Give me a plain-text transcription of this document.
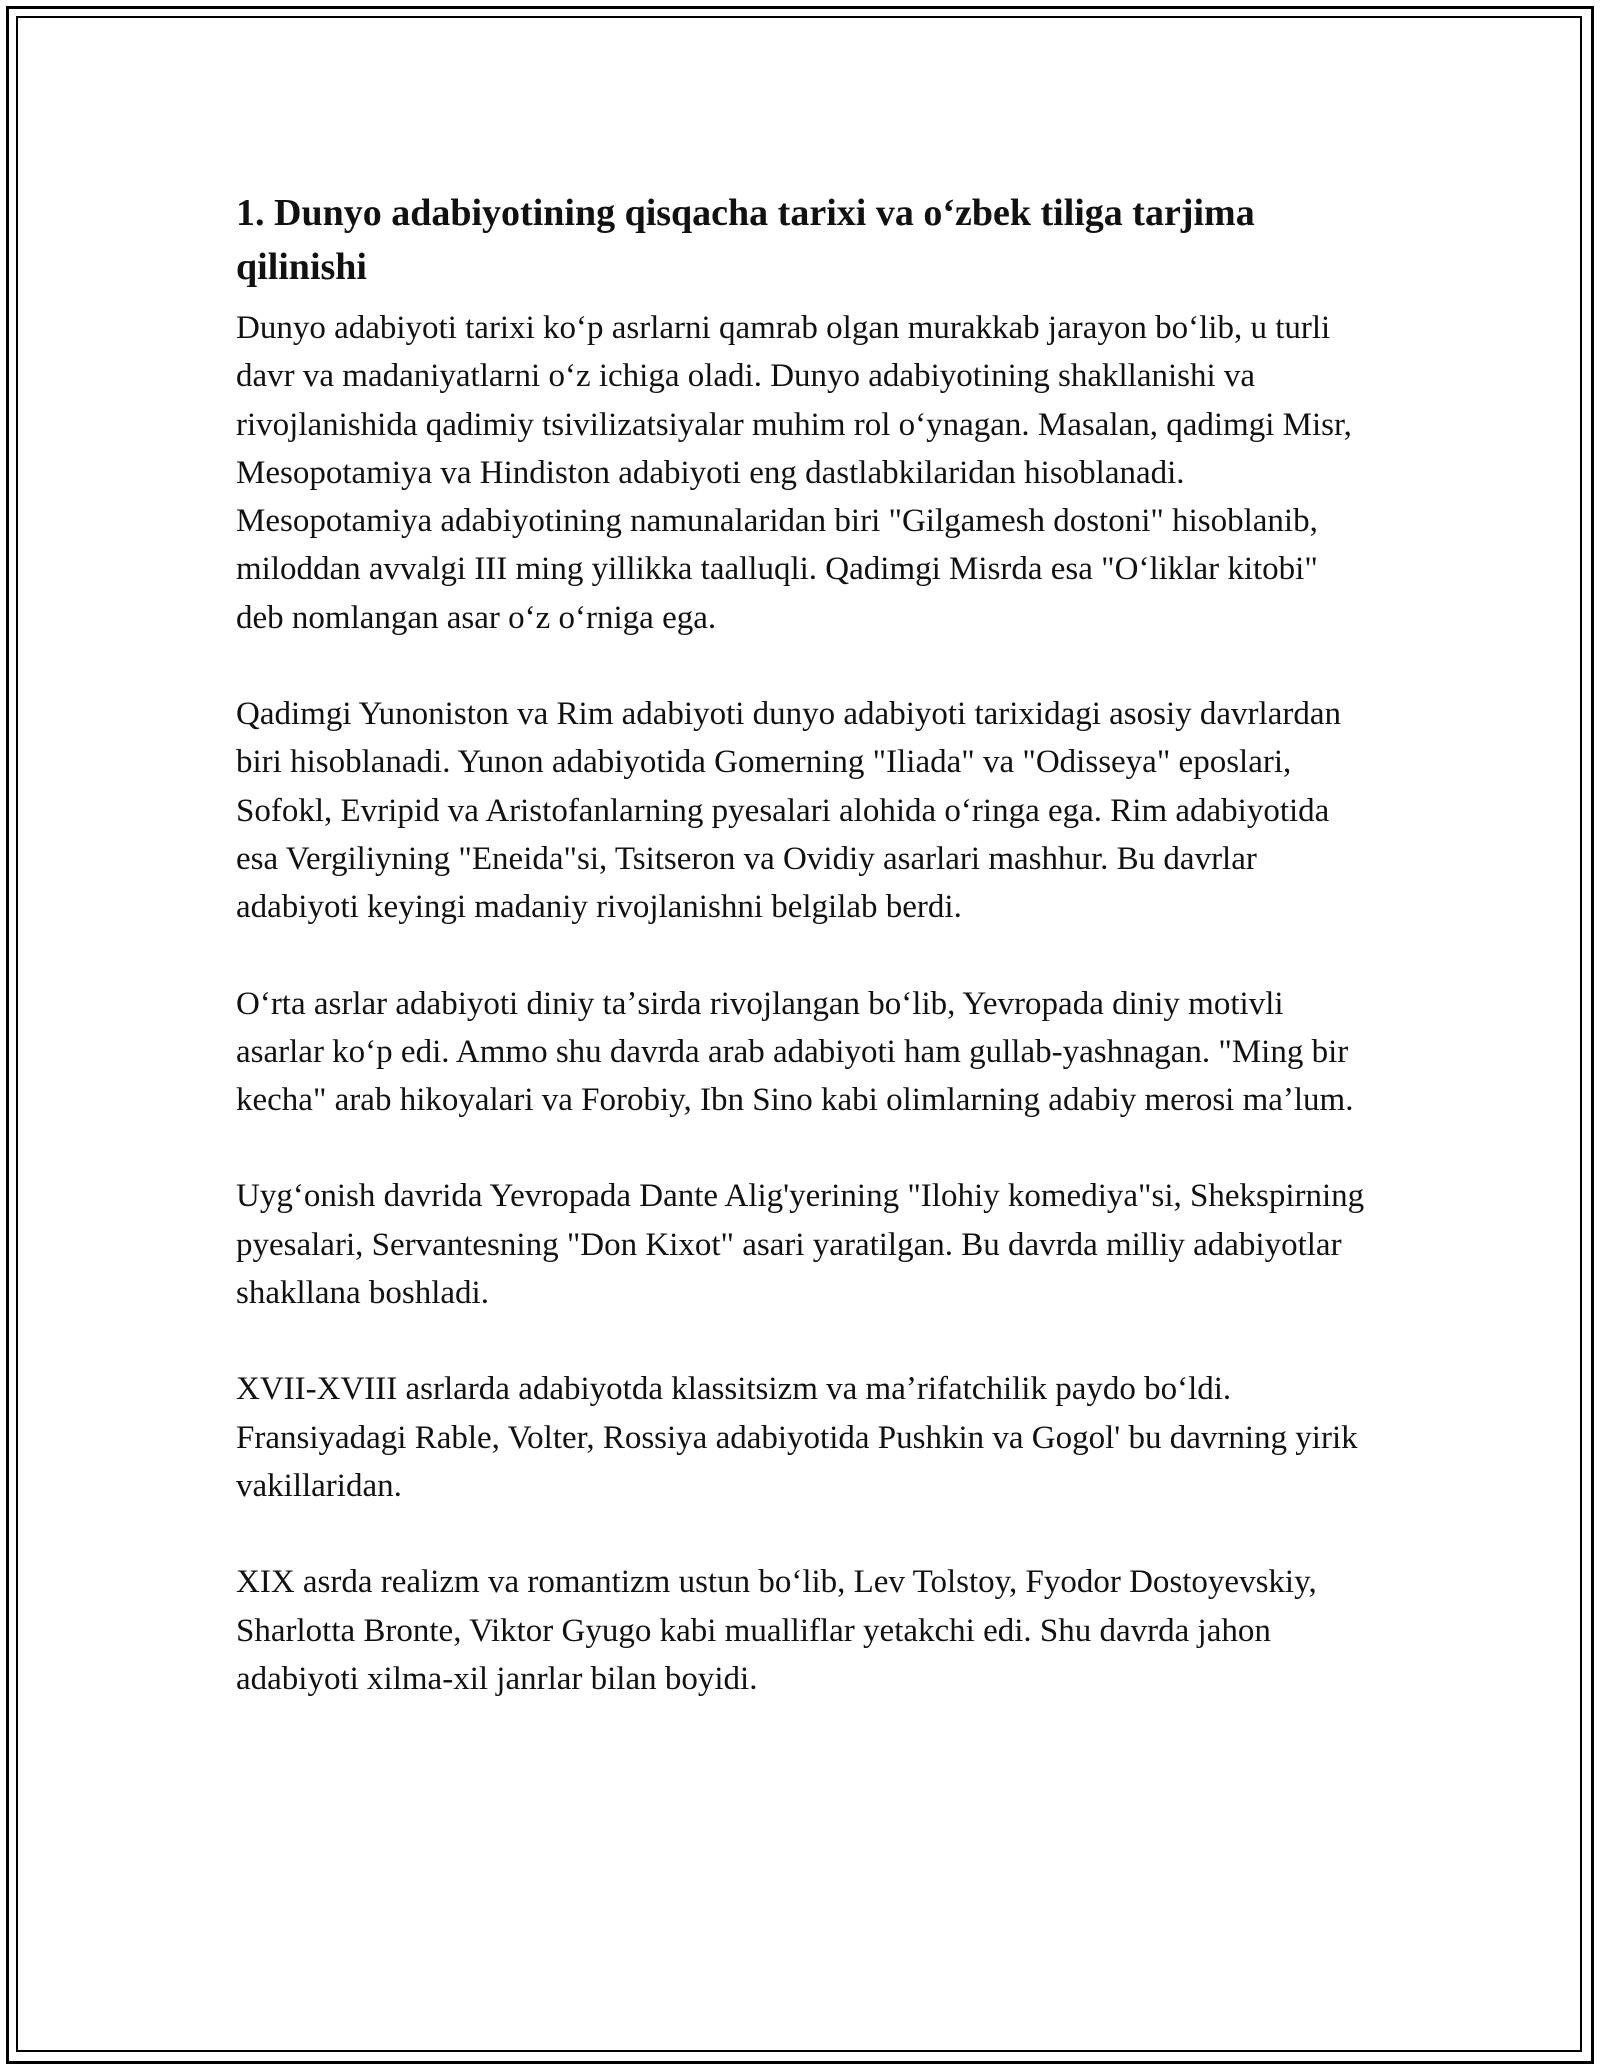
1. Dunyo adabiyotining qisqacha tarixi va oʻzbek tiliga tarjima qilinishi

Dunyo adabiyoti tarixi koʻp asrlarni qamrab olgan murakkab jarayon boʻlib, u turli davr va madaniyatlarni oʻz ichiga oladi. Dunyo adabiyotining shakllanishi va rivojlanishida qadimiy tsivilizatsiyalar muhim rol oʻynagan. Masalan, qadimgi Misr, Mesopotamiya va Hindiston adabiyoti eng dastlabkilaridan hisoblanadi. Mesopotamiya adabiyotining namunalaridan biri "Gilgamesh dostoni" hisoblanib, miloddan avvalgi III ming yillikka taalluqli. Qadimgi Misrda esa "Oʻliklar kitobi" deb nomlangan asar oʻz oʻrniga ega.

Qadimgi Yunoniston va Rim adabiyoti dunyo adabiyoti tarixidagi asosiy davrlardan biri hisoblanadi. Yunon adabiyotida Gomerning "Iliada" va "Odisseya" eposlari, Sofokl, Evripid va Aristofanlarning pyesalari alohida oʻringa ega. Rim adabiyotida esa Vergiliyning "Eneida"si, Tsitseron va Ovidiy asarlari mashhur. Bu davrlar adabiyoti keyingi madaniy rivojlanishni belgilab berdi.

Oʻrta asrlar adabiyoti diniy taʼsirda rivojlangan boʻlib, Yevropada diniy motivli asarlar koʻp edi. Ammo shu davrda arab adabiyoti ham gullab-yashnagan. "Ming bir kecha" arab hikoyalari va Forobiy, Ibn Sino kabi olimlarning adabiy merosi maʼlum.

Uygʻonish davrida Yevropada Dante Alig'yerining "Ilohiy komediya"si, Shekspirning pyesalari, Servantesning "Don Kixot" asari yaratilgan. Bu davrda milliy adabiyotlar shakllana boshladi.

XVII-XVIII asrlarda adabiyotda klassitsizm va maʼrifatchilik paydo boʻldi. Fransiyadagi Rable, Volter, Rossiya adabiyotida Pushkin va Gogol' bu davrning yirik vakillaridan.

XIX asrda realizm va romantizm ustun boʻlib, Lev Tolstoy, Fyodor Dostoyevskiy, Sharlotta Bronte, Viktor Gyugo kabi mualliflar yetakchi edi. Shu davrda jahon adabiyoti xilma-xil janrlar bilan boyidi.
